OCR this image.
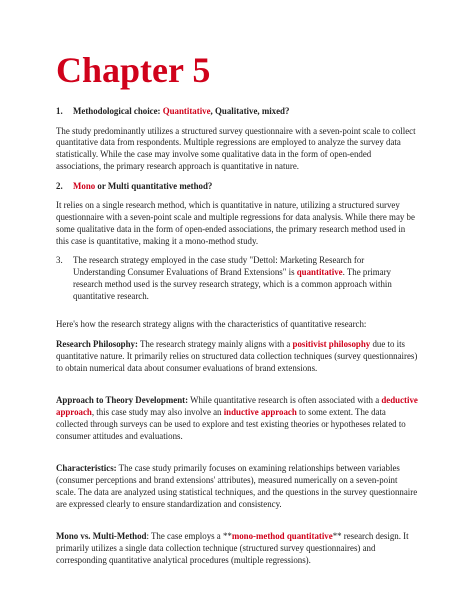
Chapter 5

1.	Methodological choice: Quantitative, Qualitative, mixed?

The study predominantly utilizes a structured survey questionnaire with a seven-point scale to collect quantitative data from respondents. Multiple regressions are employed to analyze the survey data statistically. While the case may involve some qualitative data in the form of open-ended associations, the primary research approach is quantitative in nature.

2.	Mono or Multi quantitative method?

It relies on a single research method, which is quantitative in nature, utilizing a structured survey questionnaire with a seven-point scale and multiple regressions for data analysis. While there may be some qualitative data in the form of open-ended associations, the primary research method used in this case is quantitative, making it a mono-method study.

3.	The research strategy employed in the case study "Dettol: Marketing Research for Understanding Consumer Evaluations of Brand Extensions" is quantitative. The primary research method used is the survey research strategy, which is a common approach within quantitative research.

Here's how the research strategy aligns with the characteristics of quantitative research:

Research Philosophy: The research strategy mainly aligns with a positivist philosophy due to its quantitative nature. It primarily relies on structured data collection techniques (survey questionnaires) to obtain numerical data about consumer evaluations of brand extensions.

Approach to Theory Development: While quantitative research is often associated with a deductive approach, this case study may also involve an inductive approach to some extent. The data collected through surveys can be used to explore and test existing theories or hypotheses related to consumer attitudes and evaluations.

Characteristics: The case study primarily focuses on examining relationships between variables (consumer perceptions and brand extensions' attributes), measured numerically on a seven-point scale. The data are analyzed using statistical techniques, and the questions in the survey questionnaire are expressed clearly to ensure standardization and consistency.

Mono vs. Multi-Method: The case employs a **mono-method quantitative** research design. It primarily utilizes a single data collection technique (structured survey questionnaires) and corresponding quantitative analytical procedures (multiple regressions).
